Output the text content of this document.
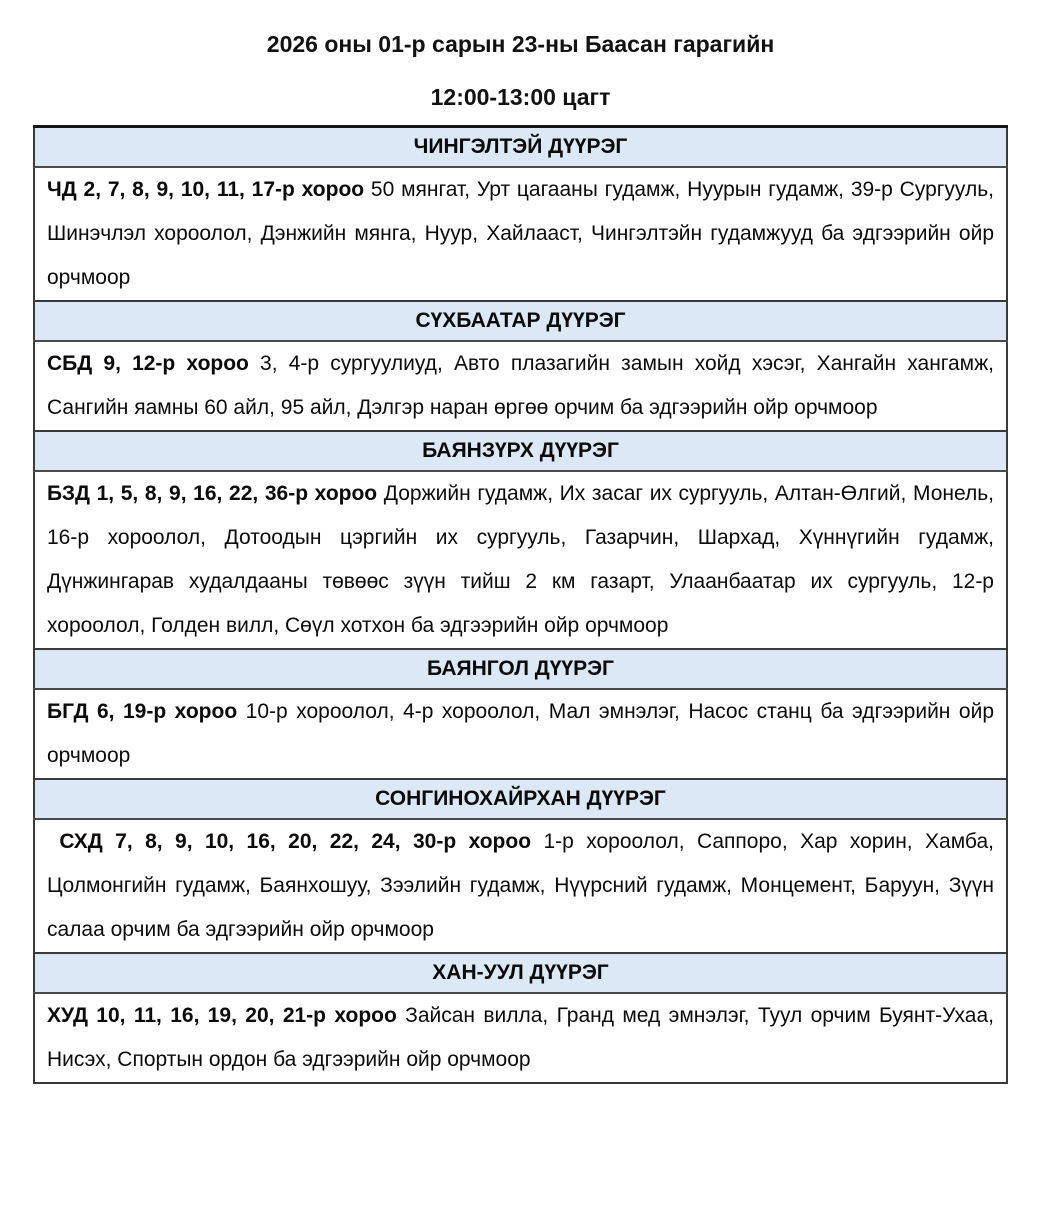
2026 оны 01-р сарын 23-ны Баасан гарагийн
12:00-13:00 цагт
ЧИНГЭЛТЭЙ ДҮҮРЭГ
ЧД 2, 7, 8, 9, 10, 11, 17-р хороо 50 мянгат, Урт цагааны гудамж, Нуурын гудамж, 39-р Сургууль, Шинэчлэл хороолол, Дэнжийн мянга, Нуур, Хайлааст, Чингэлтэйн гудамжууд ба эдгээрийн ойр орчмоор
СҮХБААТАР ДҮҮРЭГ
СБД 9, 12-р хороо 3, 4-р сургуулиуд, Авто плазагийн замын хойд хэсэг, Хангайн хангамж, Сангийн яамны 60 айл, 95 айл, Дэлгэр наран өргөө орчим ба эдгээрийн ойр орчмоор
БАЯНЗҮРХ ДҮҮРЭГ
БЗД 1, 5, 8, 9, 16, 22, 36-р хороо Доржийн гудамж, Их засаг их сургууль, Алтан-Өлгий, Монель, 16-р хороолол, Дотоодын цэргийн их сургууль, Газарчин, Шархад, Хүннүгийн гудамж, Дүнжингарав худалдааны төвөөс зүүн тийш 2 км газарт, Улаанбаатар их сургууль, 12-р хороолол, Голден вилл, Сөүл хотхон ба эдгээрийн ойр орчмоор
БАЯНГОЛ ДҮҮРЭГ
БГД 6, 19-р хороо 10-р хороолол, 4-р хороолол, Мал эмнэлэг, Насос станц ба эдгээрийн ойр орчмоор
СОНГИНОХАЙРХАН ДҮҮРЭГ
СХД 7, 8, 9, 10, 16, 20, 22, 24, 30-р хороо 1-р хороолол, Саппоро, Хар хорин, Хамба, Цолмонгийн гудамж, Баянхошуу, Зээлийн гудамж, Нүүрсний гудамж, Монцемент, Баруун, Зүүн салаа орчим ба эдгээрийн ойр орчмоор
ХАН-УУЛ ДҮҮРЭГ
ХУД 10, 11, 16, 19, 20, 21-р хороо Зайсан вилла, Гранд мед эмнэлэг, Туул орчим Буянт-Ухаа, Нисэх, Спортын ордон ба эдгээрийн ойр орчмоор
